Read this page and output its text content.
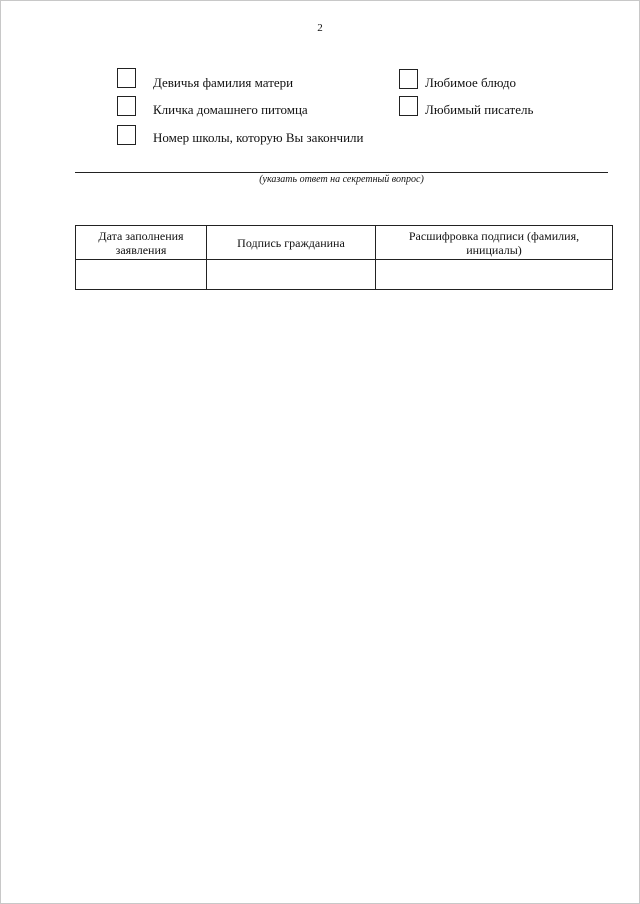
2
Девичья фамилия матери
Кличка домашнего питомца
Номер школы, которую Вы закончили
Любимое блюдо
Любимый писатель
(указать ответ на секретный вопрос)
Дата заполнения заявления	Подпись гражданина	Расшифровка подписи (фамилия, инициалы)
